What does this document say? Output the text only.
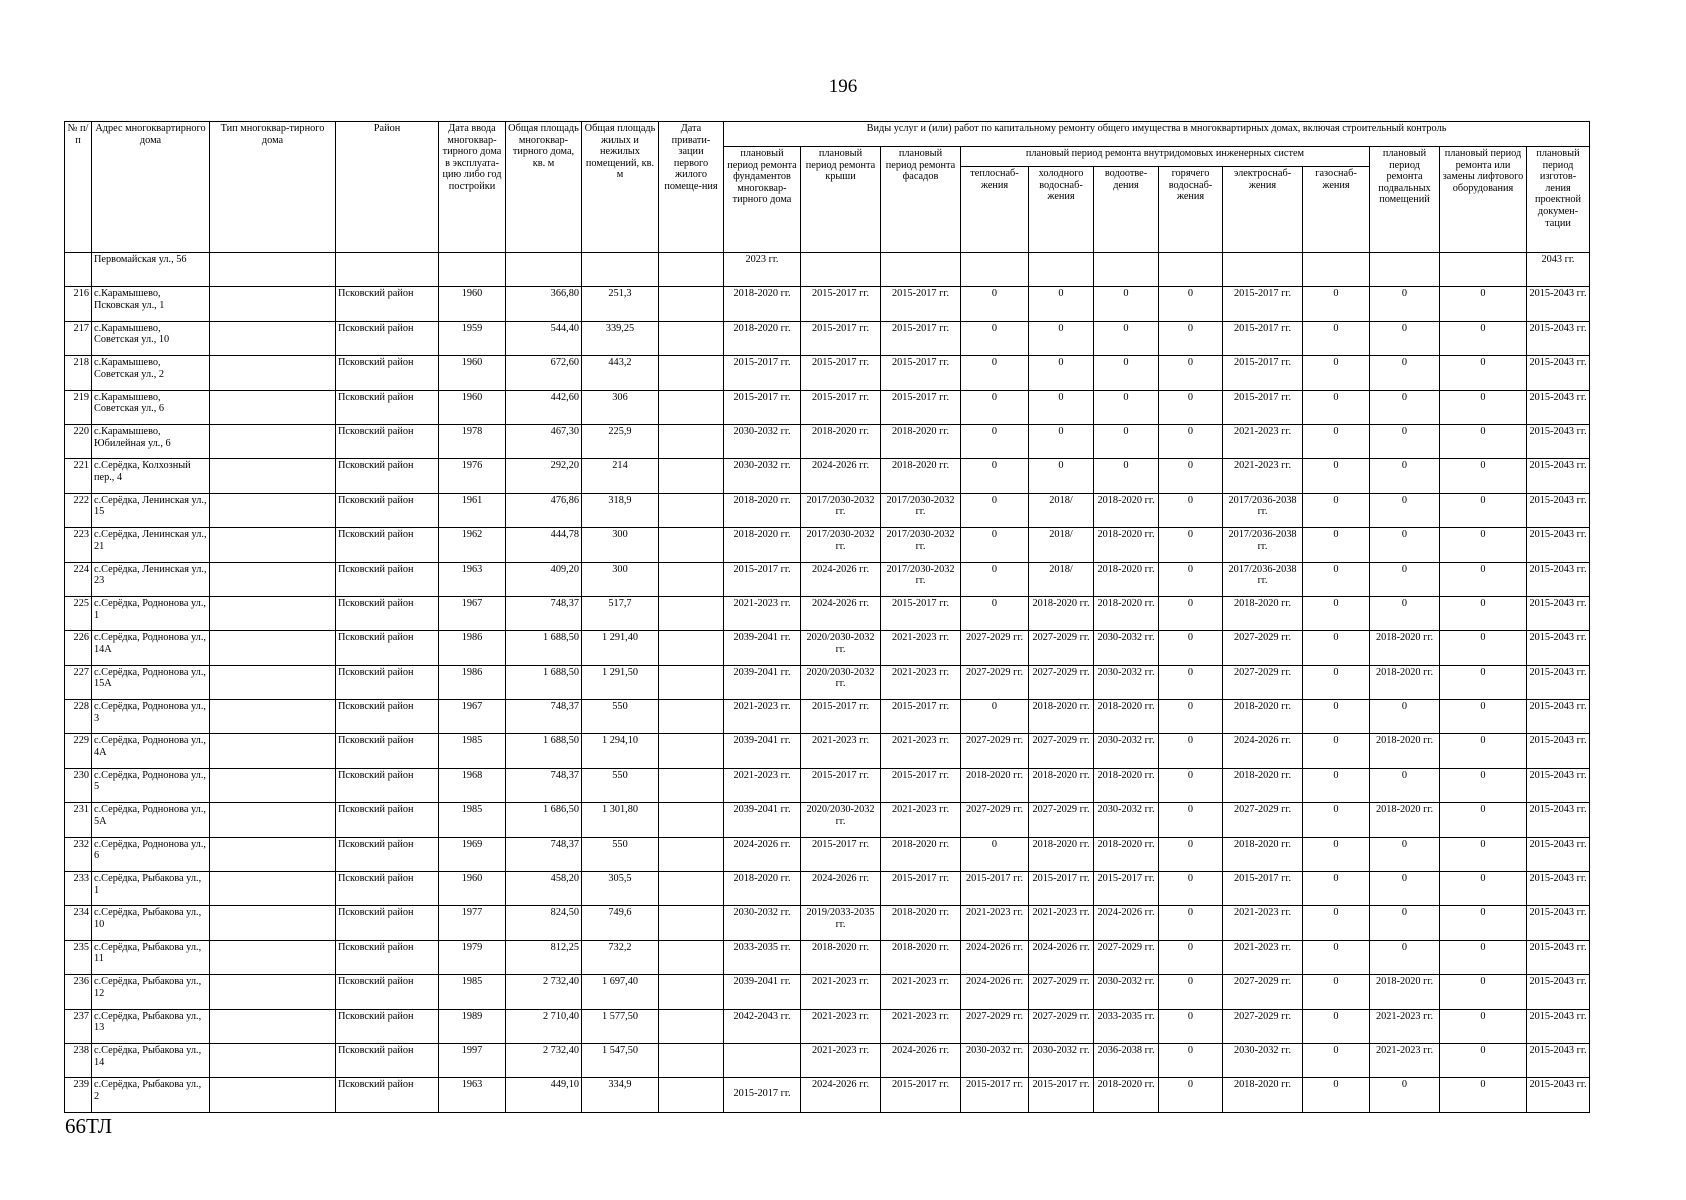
196
№ п/п	Адрес многоквартирного дома	Тип многоквар-тирного дома	Район	Дата ввода многоквар-тирного дома в эксплуата-цию либо год постройки	Общая площадь многоквар-тирного дома, кв. м	Общая площадь жилых и нежилых помещений, кв. м	Дата привати-зации первого жилого помеще-ния	Виды услуг и (или) работ по капитальному ремонту общего имущества в многоквартирных домах, включая строительный контроль											
								плановый период ремонта фундаментов многоквар-тирного дома	плановый период ремонта крыши	плановый период ремонта фасадов	плановый период ремонта внутридомовых инженерных систем						плановый период ремонта подвальных помещений	плановый период ремонта или замены лифтового оборудования	плановый период изготов-ления проектной докумен-тации
											теплоснаб-жения	холодного водоснаб-жения	водоотве-дения	горячего водоснаб-жения	электроснаб-жения	газоснаб-жения			
	Первомайская ул., 56							2023 гг.											2043 гг.
216	с.Карамышево, Псковская ул., 1		Псковский район	1960	366,80	251,3		2018-2020 гг.	2015-2017 гг.	2015-2017 гг.	0	0	0	0	2015-2017 гг.	0	0	0	2015-2043 гг.
217	с.Карамышево, Советская ул., 10		Псковский район	1959	544,40	339,25		2018-2020 гг.	2015-2017 гг.	2015-2017 гг.	0	0	0	0	2015-2017 гг.	0	0	0	2015-2043 гг.
218	с.Карамышево, Советская ул., 2		Псковский район	1960	672,60	443,2		2015-2017 гг.	2015-2017 гг.	2015-2017 гг.	0	0	0	0	2015-2017 гг.	0	0	0	2015-2043 гг.
219	с.Карамышево, Советская ул., 6		Псковский район	1960	442,60	306		2015-2017 гг.	2015-2017 гг.	2015-2017 гг.	0	0	0	0	2015-2017 гг.	0	0	0	2015-2043 гг.
220	с.Карамышево, Юбилейная ул., 6		Псковский район	1978	467,30	225,9		2030-2032 гг.	2018-2020 гг.	2018-2020 гг.	0	0	0	0	2021-2023 гг.	0	0	0	2015-2043 гг.
221	с.Серёдка, Колхозный пер., 4		Псковский район	1976	292,20	214		2030-2032 гг.	2024-2026 гг.	2018-2020 гг.	0	0	0	0	2021-2023 гг.	0	0	0	2015-2043 гг.
222	с.Серёдка, Ленинская ул., 15		Псковский район	1961	476,86	318,9		2018-2020 гг.	2017/2030-2032 гг.	2017/2030-2032 гг.	0	2018/	2018-2020 гг.	0	2017/2036-2038 гг.	0	0	0	2015-2043 гг.
223	с.Серёдка, Ленинская ул., 21		Псковский район	1962	444,78	300		2018-2020 гг.	2017/2030-2032 гг.	2017/2030-2032 гг.	0	2018/	2018-2020 гг.	0	2017/2036-2038 гг.	0	0	0	2015-2043 гг.
224	с.Серёдка, Ленинская ул., 23		Псковский район	1963	409,20	300		2015-2017 гг.	2024-2026 гг.	2017/2030-2032 гг.	0	2018/	2018-2020 гг.	0	2017/2036-2038 гг.	0	0	0	2015-2043 гг.
225	с.Серёдка, Роднонова ул., 1		Псковский район	1967	748,37	517,7		2021-2023 гг.	2024-2026 гг.	2015-2017 гг.	0	2018-2020 гг.	2018-2020 гг.	0	2018-2020 гг.	0	0	0	2015-2043 гг.
226	с.Серёдка, Роднонова ул., 14А		Псковский район	1986	1 688,50	1 291,40		2039-2041 гг.	2020/2030-2032 гг.	2021-2023 гг.	2027-2029 гг.	2027-2029 гг.	2030-2032 гг.	0	2027-2029 гг.	0	2018-2020 гг.	0	2015-2043 гг.
227	с.Серёдка, Роднонова ул., 15А		Псковский район	1986	1 688,50	1 291,50		2039-2041 гг.	2020/2030-2032 гг.	2021-2023 гг.	2027-2029 гг.	2027-2029 гг.	2030-2032 гг.	0	2027-2029 гг.	0	2018-2020 гг.	0	2015-2043 гг.
228	с.Серёдка, Роднонова ул., 3		Псковский район	1967	748,37	550		2021-2023 гг.	2015-2017 гг.	2015-2017 гг.	0	2018-2020 гг.	2018-2020 гг.	0	2018-2020 гг.	0	0	0	2015-2043 гг.
229	с.Серёдка, Роднонова ул., 4А		Псковский район	1985	1 688,50	1 294,10		2039-2041 гг.	2021-2023 гг.	2021-2023 гг.	2027-2029 гг.	2027-2029 гг.	2030-2032 гг.	0	2024-2026 гг.	0	2018-2020 гг.	0	2015-2043 гг.
230	с.Серёдка, Роднонова ул., 5		Псковский район	1968	748,37	550		2021-2023 гг.	2015-2017 гг.	2015-2017 гг.	2018-2020 гг.	2018-2020 гг.	2018-2020 гг.	0	2018-2020 гг.	0	0	0	2015-2043 гг.
231	с.Серёдка, Роднонова ул., 5А		Псковский район	1985	1 686,50	1 301,80		2039-2041 гг.	2020/2030-2032 гг.	2021-2023 гг.	2027-2029 гг.	2027-2029 гг.	2030-2032 гг.	0	2027-2029 гг.	0	2018-2020 гг.	0	2015-2043 гг.
232	с.Серёдка, Роднонова ул., 6		Псковский район	1969	748,37	550		2024-2026 гг.	2015-2017 гг.	2018-2020 гг.	0	2018-2020 гг.	2018-2020 гг.	0	2018-2020 гг.	0	0	0	2015-2043 гг.
233	с.Серёдка, Рыбакова ул., 1		Псковский район	1960	458,20	305,5		2018-2020 гг.	2024-2026 гг.	2015-2017 гг.	2015-2017 гг.	2015-2017 гг.	2015-2017 гг.	0	2015-2017 гг.	0	0	0	2015-2043 гг.
234	с.Серёдка, Рыбакова ул., 10		Псковский район	1977	824,50	749,6		2030-2032 гг.	2019/2033-2035 гг.	2018-2020 гг.	2021-2023 гг.	2021-2023 гг.	2024-2026 гг.	0	2021-2023 гг.	0	0	0	2015-2043 гг.
235	с.Серёдка, Рыбакова ул., 11		Псковский район	1979	812,25	732,2		2033-2035 гг.	2018-2020 гг.	2018-2020 гг.	2024-2026 гг.	2024-2026 гг.	2027-2029 гг.	0	2021-2023 гг.	0	0	0	2015-2043 гг.
236	с.Серёдка, Рыбакова ул., 12		Псковский район	1985	2 732,40	1 697,40		2039-2041 гг.	2021-2023 гг.	2021-2023 гг.	2024-2026 гг.	2027-2029 гг.	2030-2032 гг.	0	2027-2029 гг.	0	2018-2020 гг.	0	2015-2043 гг.
237	с.Серёдка, Рыбакова ул., 13		Псковский район	1989	2 710,40	1 577,50		2042-2043 гг.	2021-2023 гг.	2021-2023 гг.	2027-2029 гг.	2027-2029 гг.	2033-2035 гг.	0	2027-2029 гг.	0	2021-2023 гг.	0	2015-2043 гг.
238	с.Серёдка, Рыбакова ул., 14		Псковский район	1997	2 732,40	1 547,50			2021-2023 гг.	2024-2026 гг.	2030-2032 гг.	2030-2032 гг.	2036-2038 гг.	0	2030-2032 гг.	0	2021-2023 гг.	0	2015-2043 гг.
239	с.Серёдка, Рыбакова ул., 2		Псковский район	1963	449,10	334,9		2015-2017 гг.	2024-2026 гг.	2015-2017 гг.	2015-2017 гг.	2015-2017 гг.	2018-2020 гг.	0	2018-2020 гг.	0	0	0	2015-2043 гг.
66ТЛ
